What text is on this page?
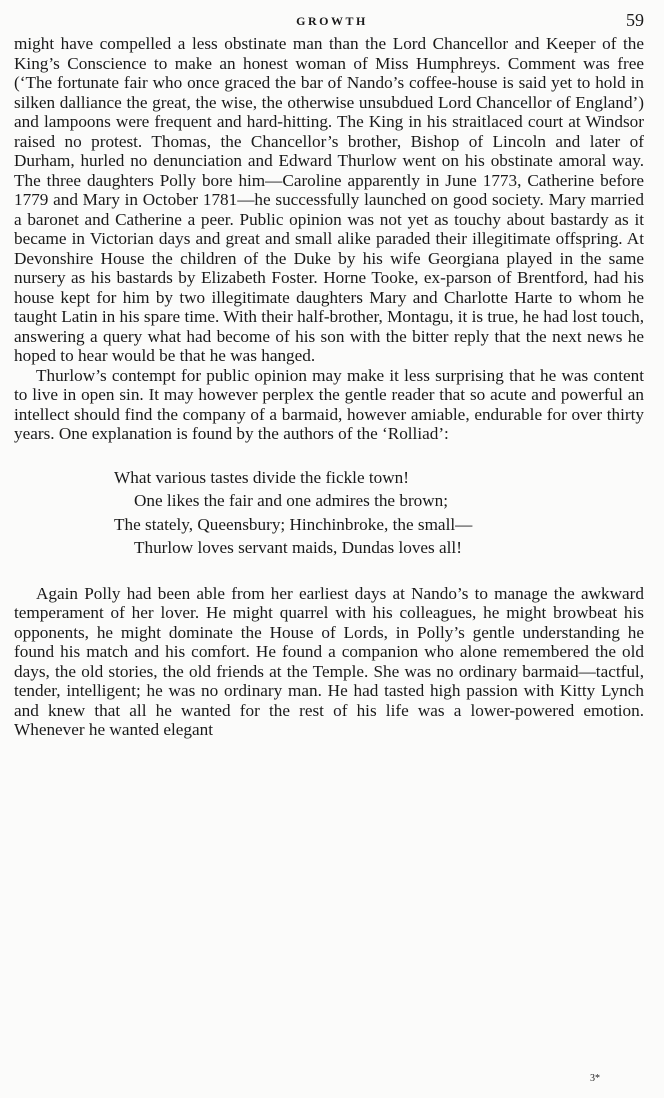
GROWTH	59

might have compelled a less obstinate man than the Lord Chancellor and Keeper of the King’s Conscience to make an honest woman of Miss Humphreys. Comment was free (‘The fortunate fair who once graced the bar of Nando’s coffee-house is said yet to hold in silken dalliance the great, the wise, the otherwise unsubdued Lord Chancellor of England’) and lampoons were frequent and hard-hitting. The King in his straitlaced court at Windsor raised no protest. Thomas, the Chancellor’s brother, Bishop of Lincoln and later of Durham, hurled no denunciation and Edward Thurlow went on his obstinate amoral way. The three daughters Polly bore him—Caroline apparently in June 1773, Catherine before 1779 and Mary in October 1781—he successfully launched on good society. Mary married a baronet and Catherine a peer. Public opinion was not yet as touchy about bastardy as it became in Victorian days and great and small alike paraded their illegitimate offspring. At Devonshire House the children of the Duke by his wife Georgiana played in the same nursery as his bastards by Elizabeth Foster. Horne Tooke, ex-parson of Brentford, had his house kept for him by two illegitimate daughters Mary and Charlotte Harte to whom he taught Latin in his spare time. With their half-brother, Montagu, it is true, he had lost touch, answering a query what had become of his son with the bitter reply that the next news he hoped to hear would be that he was hanged.

Thurlow’s contempt for public opinion may make it less surprising that he was content to live in open sin. It may however perplex the gentle reader that so acute and powerful an intellect should find the company of a barmaid, however amiable, endurable for over thirty years. One explanation is found by the authors of the ‘Rolliad’:

What various tastes divide the fickle town!
One likes the fair and one admires the brown;
The stately, Queensbury; Hinchinbroke, the small—
Thurlow loves servant maids, Dundas loves all!

Again Polly had been able from her earliest days at Nando’s to manage the awkward temperament of her lover. He might quarrel with his colleagues, he might browbeat his opponents, he might dominate the House of Lords, in Polly’s gentle understanding he found his match and his comfort. He found a companion who alone remembered the old days, the old stories, the old friends at the Temple. She was no ordinary barmaid—tactful, tender, intelligent; he was no ordinary man. He had tasted high passion with Kitty Lynch and knew that all he wanted for the rest of his life was a lower-powered emotion. Whenever he wanted elegant

3*
